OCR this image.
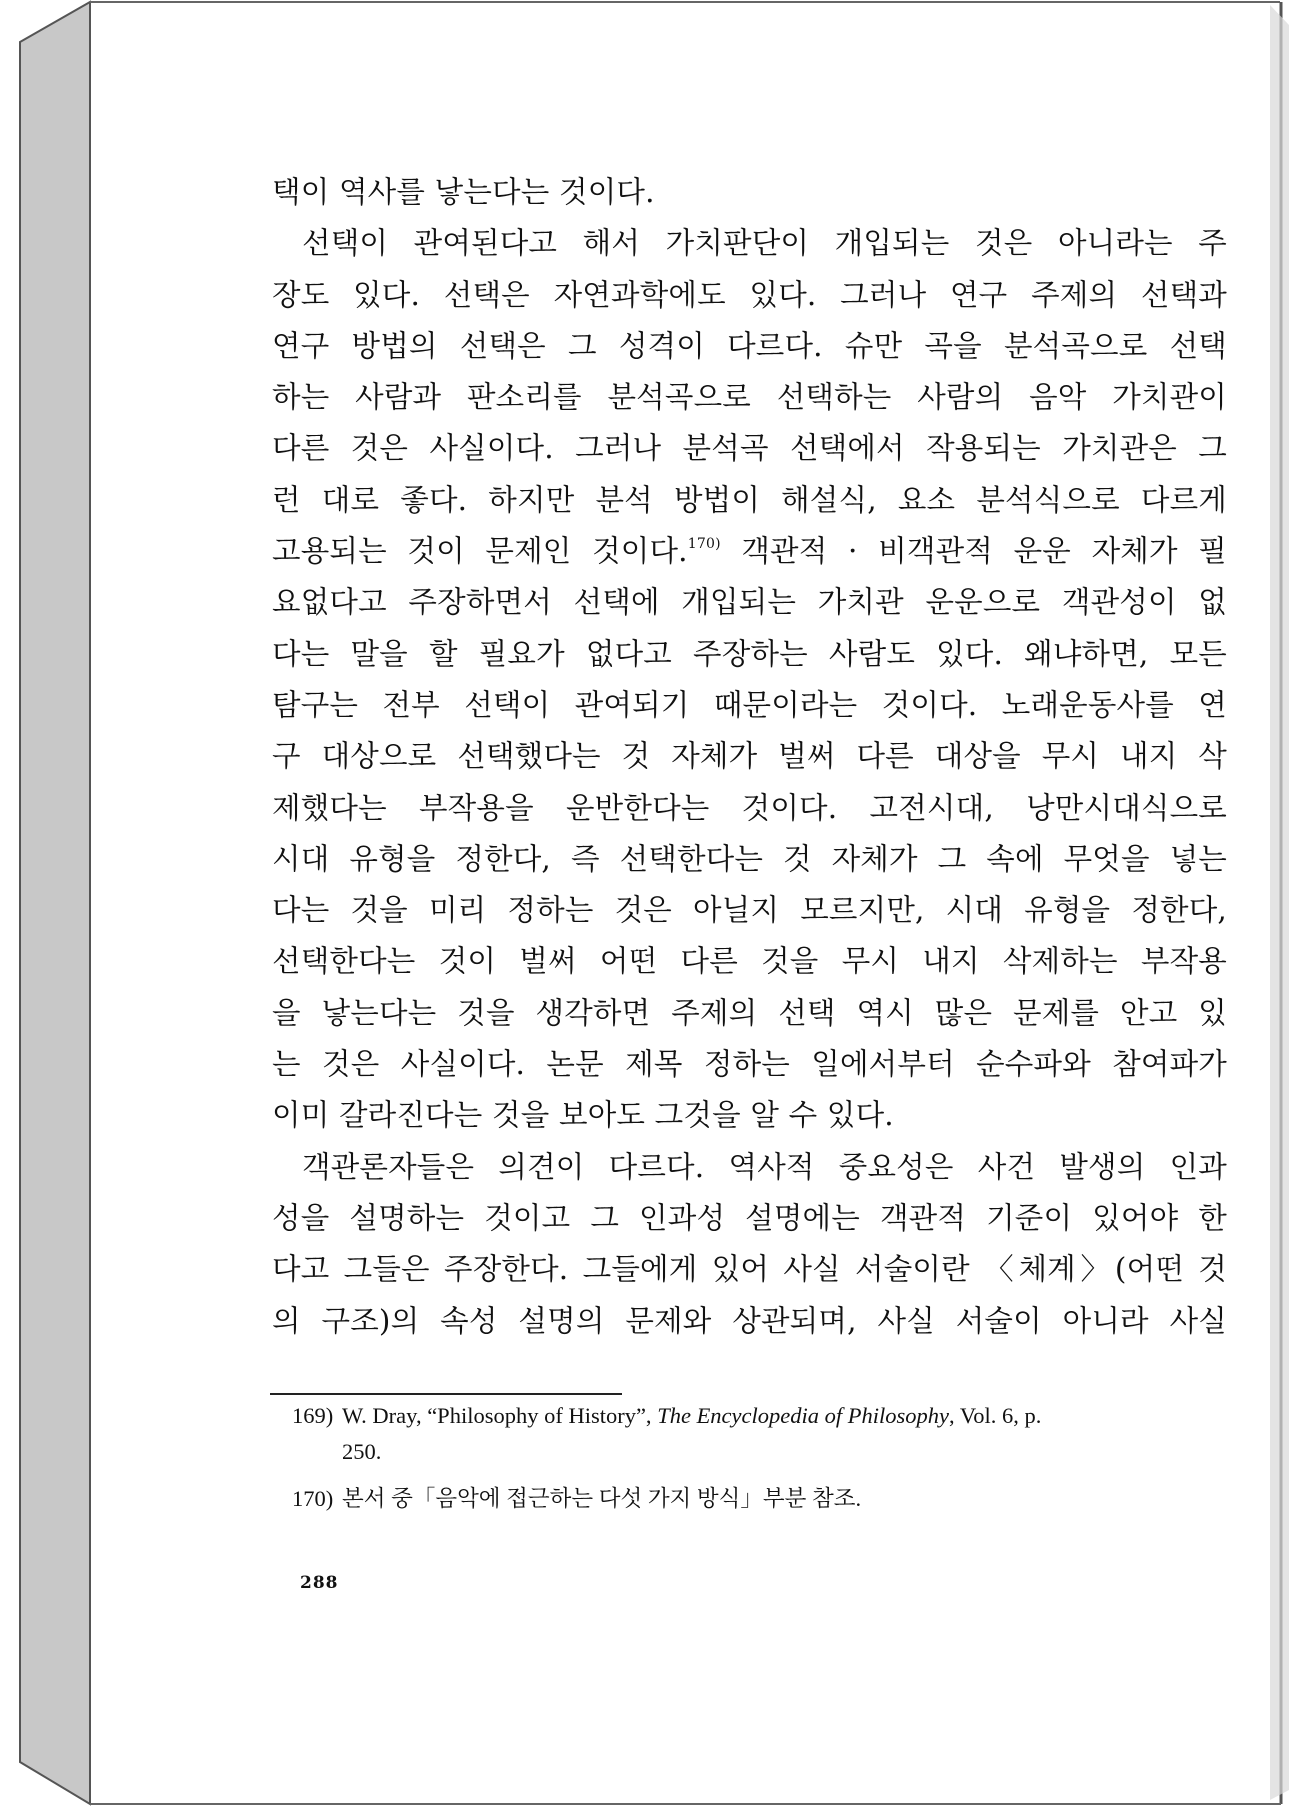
택이 역사를 낳는다는 것이다.
선택이 관여된다고 해서 가치판단이 개입되는 것은 아니라는 주
장도 있다. 선택은 자연과학에도 있다. 그러나 연구 주제의 선택과
연구 방법의 선택은 그 성격이 다르다. 슈만 곡을 분석곡으로 선택
하는 사람과 판소리를 분석곡으로 선택하는 사람의 음악 가치관이
다른 것은 사실이다. 그러나 분석곡 선택에서 작용되는 가치관은 그
런 대로 좋다. 하지만 분석 방법이 해설식, 요소 분석식으로 다르게
고용되는 것이 문제인 것이다.$^{170)}$ 객관적 · 비객관적 운운 자체가 필
요없다고 주장하면서 선택에 개입되는 가치관 운운으로 객관성이 없
다는 말을 할 필요가 없다고 주장하는 사람도 있다. 왜냐하면, 모든
탐구는 전부 선택이 관여되기 때문이라는 것이다. 노래운동사를 연
구 대상으로 선택했다는 것 자체가 벌써 다른 대상을 무시 내지 삭
제했다는 부작용을 운반한다는 것이다. 고전시대, 낭만시대식으로
시대 유형을 정한다, 즉 선택한다는 것 자체가 그 속에 무엇을 넣는
다는 것을 미리 정하는 것은 아닐지 모르지만, 시대 유형을 정한다,
선택한다는 것이 벌써 어떤 다른 것을 무시 내지 삭제하는 부작용
을 낳는다는 것을 생각하면 주제의 선택 역시 많은 문제를 안고 있
는 것은 사실이다. 논문 제목 정하는 일에서부터 순수파와 참여파가
이미 갈라진다는 것을 보아도 그것을 알 수 있다.
객관론자들은 의견이 다르다. 역사적 중요성은 사건 발생의 인과
성을 설명하는 것이고 그 인과성 설명에는 객관적 기준이 있어야 한
다고 그들은 주장한다. 그들에게 있어 사실 서술이란 〈체계〉(어떤 것
의 구조)의 속성 설명의 문제와 상관되며, 사실 서술이 아니라 사실
169) W. Dray, “Philosophy of History”, The Encyclopedia of Philosophy, Vol. 6, p.
250.
170) 본서 중「음악에 접근하는 다섯 가지 방식」부분 참조.
288
